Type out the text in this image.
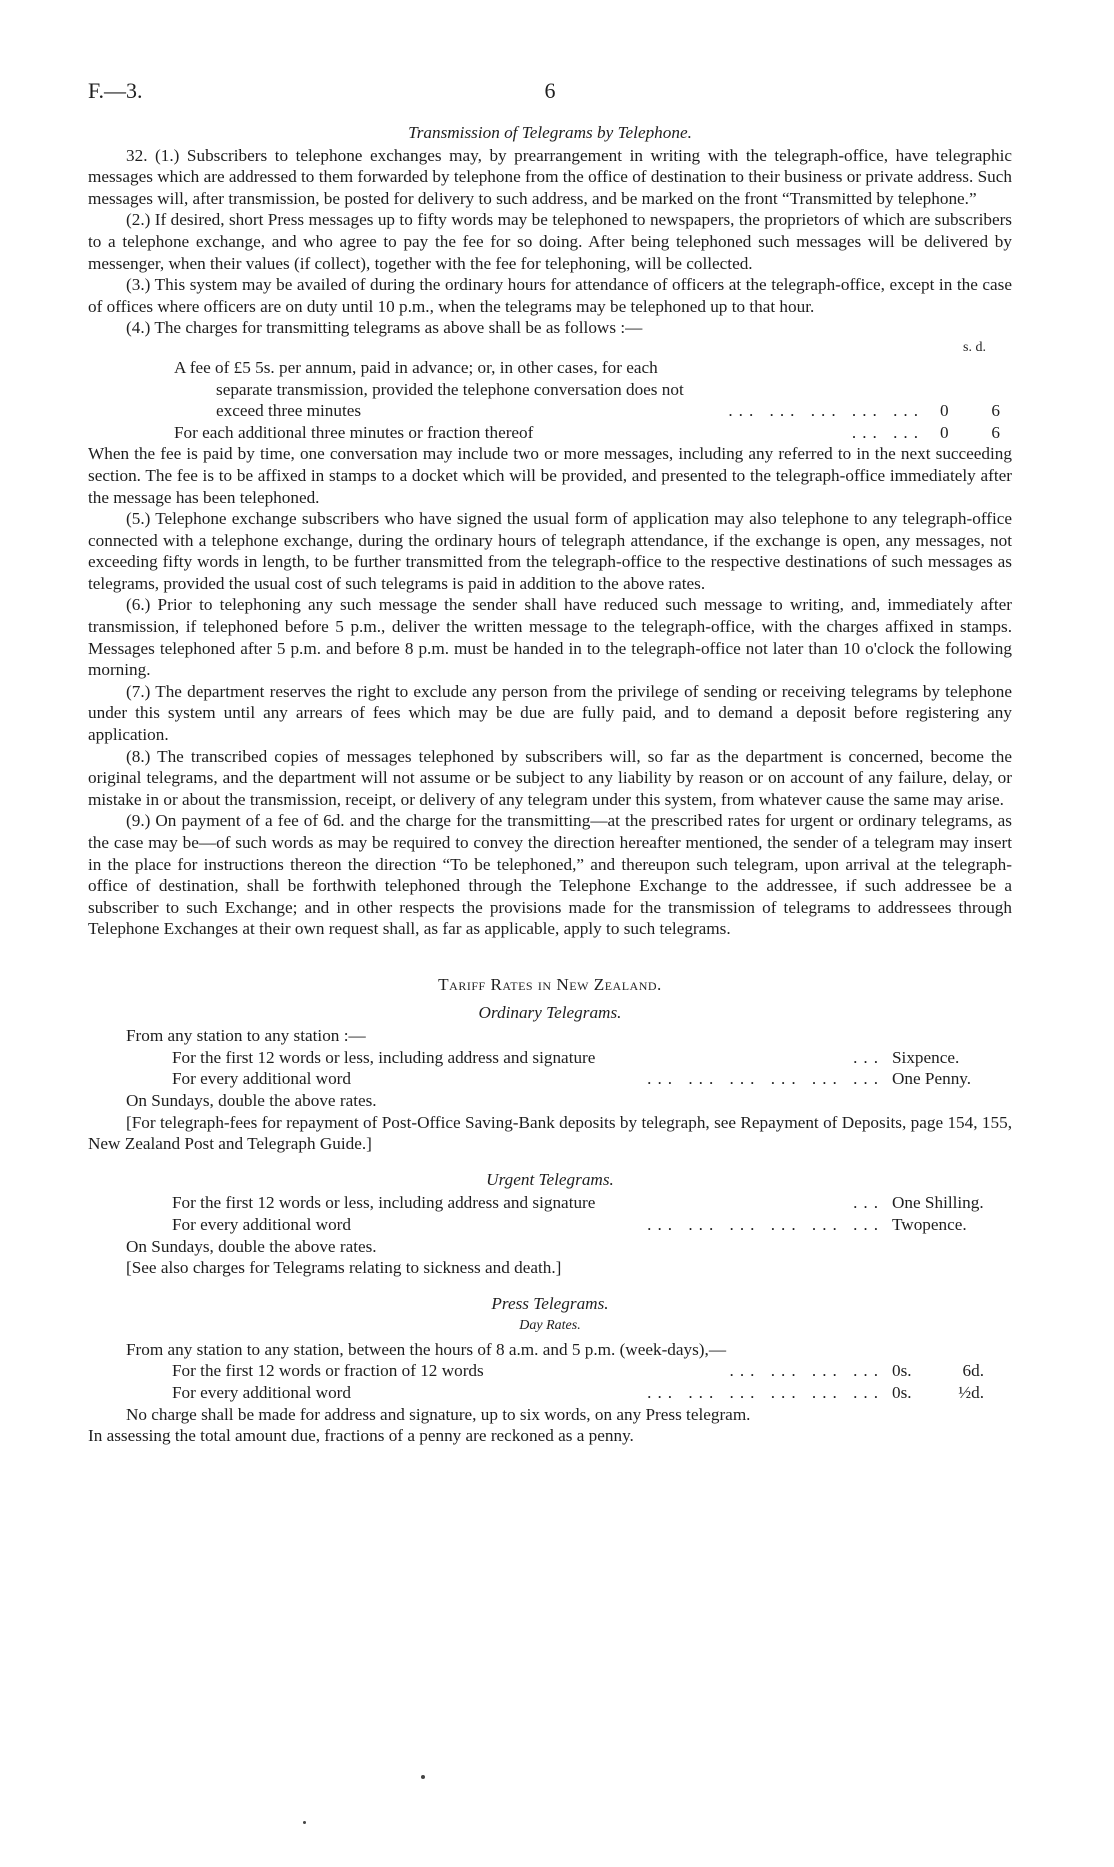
F.—3.	6
Transmission of Telegrams by Telephone.

32. (1.) Subscribers to telephone exchanges may, by prearrangement in writing with the telegraph-office, have telegraphic messages which are addressed to them forwarded by telephone from the office of destination to their business or private address. Such messages will, after transmission, be posted for delivery to such address, and be marked on the front “Transmitted by telephone.”

(2.) If desired, short Press messages up to fifty words may be telephoned to newspapers, the proprietors of which are subscribers to a telephone exchange, and who agree to pay the fee for so doing. After being telephoned such messages will be delivered by messenger, when their values (if collect), together with the fee for telephoning, will be collected.

(3.) This system may be availed of during the ordinary hours for attendance of officers at the telegraph-office, except in the case of offices where officers are on duty until 10 p.m., when the telegrams may be telephoned up to that hour.

(4.) The charges for transmitting telegrams as above shall be as follows :—

s. d.
A fee of £5 5s. per annum, paid in advance; or, in other cases, for each
separate transmission, provided the telephone conversation does not
exceed three minutes	... ... ... ... ... 0 6
For each additional three minutes or fraction thereof	... ... 0 6

When the fee is paid by time, one conversation may include two or more messages, including any referred to in the next succeeding section. The fee is to be affixed in stamps to a docket which will be provided, and presented to the telegraph-office immediately after the message has been telephoned.

(5.) Telephone exchange subscribers who have signed the usual form of application may also telephone to any telegraph-office connected with a telephone exchange, during the ordinary hours of telegraph attendance, if the exchange is open, any messages, not exceeding fifty words in length, to be further transmitted from the telegraph-office to the respective destinations of such messages as telegrams, provided the usual cost of such telegrams is paid in addition to the above rates.

(6.) Prior to telephoning any such message the sender shall have reduced such message to writing, and, immediately after transmission, if telephoned before 5 p.m., deliver the written message to the telegraph-office, with the charges affixed in stamps. Messages telephoned after 5 p.m. and before 8 p.m. must be handed in to the telegraph-office not later than 10 o'clock the following morning.

(7.) The department reserves the right to exclude any person from the privilege of sending or receiving telegrams by telephone under this system until any arrears of fees which may be due are fully paid, and to demand a deposit before registering any application.

(8.) The transcribed copies of messages telephoned by subscribers will, so far as the department is concerned, become the original telegrams, and the department will not assume or be subject to any liability by reason or on account of any failure, delay, or mistake in or about the transmission, receipt, or delivery of any telegram under this system, from whatever cause the same may arise.

(9.) On payment of a fee of 6d. and the charge for the transmitting—at the prescribed rates for urgent or ordinary telegrams, as the case may be—of such words as may be required to convey the direction hereafter mentioned, the sender of a telegram may insert in the place for instructions thereon the direction “To be telephoned,” and thereupon such telegram, upon arrival at the telegraph-office of destination, shall be forthwith telephoned through the Telephone Exchange to the addressee, if such addressee be a subscriber to such Exchange; and in other respects the provisions made for the transmission of telegrams to addressees through Telephone Exchanges at their own request shall, as far as applicable, apply to such telegrams.

Tariff Rates in New Zealand.
Ordinary Telegrams.
From any station to any station :—
For the first 12 words or less, including address and signature	... Sixpence.
For every additional word	... ... ... ... ... ... One Penny.
On Sundays, double the above rates.

[For telegraph-fees for repayment of Post-Office Saving-Bank deposits by telegraph, see Repayment of Deposits, page 154, 155, New Zealand Post and Telegraph Guide.]

Urgent Telegrams.
For the first 12 words or less, including address and signature	... One Shilling.
For every additional word	... ... ... ... ... ... Twopence.
On Sundays, double the above rates.
[See also charges for Telegrams relating to sickness and death.]
Press Telegrams.
Day Rates.
From any station to any station, between the hours of 8 a.m. and 5 p.m. (week-days),—
For the first 12 words or fraction of 12 words	... ... ... ... 0s.	6d.
For every additional word	... ... ... ... ... ... 0s.	½d.
No charge shall be made for address and signature, up to six words, on any Press telegram.
In assessing the total amount due, fractions of a penny are reckoned as a penny.
